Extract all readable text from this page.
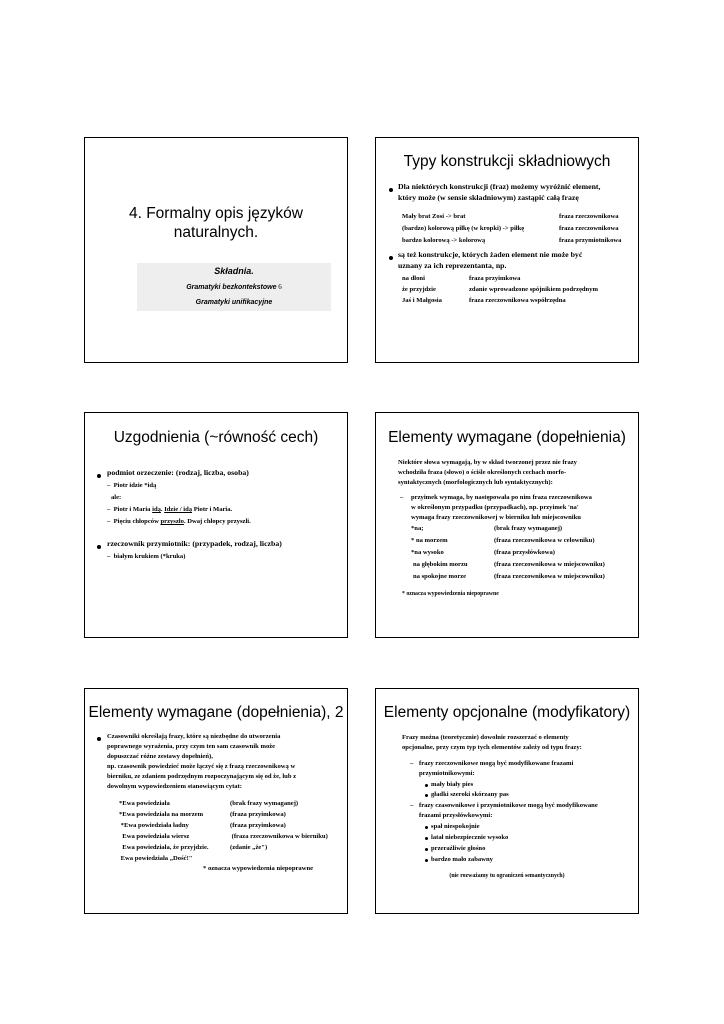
4. Formalny opis języków
naturalnych.
Składnia.
Gramatyki bezkontekstowe 6
Gramatyki unifikacyjne
Typy konstrukcji składniowych
Dla niektórych konstrukcji (fraz) możemy wyróżnić element,
który może (w sensie składniowym) zastąpić całą frazę
Mały brat Zosi -> brat	fraza rzeczownikowa
(bardzo) kolorową piłkę (w kropki) -> piłkę	fraza rzeczownikowa
bardzo kolorową -> kolorową	fraza przymiotnikowa
są też konstrukcje, których żaden element nie może być
uznany za ich reprezentanta, np.
na dłoni	fraza przyimkowa
że przyjdzie	zdanie wprowadzone spójnikiem podrzędnym
Jaś i Małgosia	fraza rzeczownikowa współrzędna
Uzgodnienia (~równość cech)
podmiot orzeczenie: (rodzaj, liczba, osoba)
–  Piotr idzie *idą
ale:
–  Piotr i Maria idą. Idzie / idą Piotr i Maria.
–  Pięciu chłopców przyszło. Dwaj chłopcy przyszli.
rzeczownik przymiotnik: (przypadek, rodzaj, liczba)
–  białym krukiem (*kruka)
Elementy wymagane (dopełnienia)
Niektóre słowa wymagają, by w skład tworzonej przez nie frazy
wchodziła fraza (słowo) o ściśle określonych cechach morfo-
syntaktycznych (morfologicznych lub syntaktycznych):
– przyimek wymaga, by następowała po nim fraza rzeczownikowa
w określonym przypadku (przypadkach), np. przyimek 'na'
wymaga frazy rzeczownikowej w bierniku lub miejscowniku
*na;	(brak frazy wymaganej)
* na morzem	(fraza rzeczownikowa w celowniku)
*na wysoko	(fraza przysłówkowa)
na głębokim morzu	(fraza rzeczownikowa w miejscowniku)
na spokojne morze	(fraza rzeczownikowa w miejscowniku)
* oznacza wypowiedzenia niepoprawne
Elementy wymagane (dopełnienia), 2
Czasowniki określają frazy, które są niezbędne do utworzenia
poprawnego wyrażenia, przy czym ten sam czasownik może
dopuszczać różne zestawy dopełnień),
np. czasownik powiedzieć może łączyć się z frazą rzeczownikową w
bierniku, ze zdaniem podrzędnym rozpoczynającym się od że, lub z
dowolnym wypowiedzeniem stanowiącym cytat:
*Ewa powiedziała	(brak frazy wymaganej)
*Ewa powiedziała na morzem	(fraza przyimkowa)
*Ewa powiedziała ładny	(fraza przyimkowa)
Ewa powiedziała wiersz	(fraza rzeczownikowa w bierniku)
Ewa powiedziała, że przyjdzie.	(zdanie „że")
Ewa powiedziała „Dość!"
* oznacza wypowiedzenia niepoprawne
Elementy opcjonalne (modyfikatory)
Frazy można (teoretycznie) dowolnie rozszerzać o elementy
opcjonalne, przy czym typ tych elementów zależy od typu frazy:
– frazy rzeczownikowe mogą być modyfikowane frazami
przymiotnikowymi:
mały biały pies
gładki szeroki skórzany pas
– frazy czasownikowe i przymiotnikowe mogą być modyfikowane
frazami przysłówkowymi:
spał niespokojnie
latał niebezpiecznie wysoko
przeraźliwie głośno
bardzo mało zabawny
(nie rozważamy tu ograniczeń semantycznych)
